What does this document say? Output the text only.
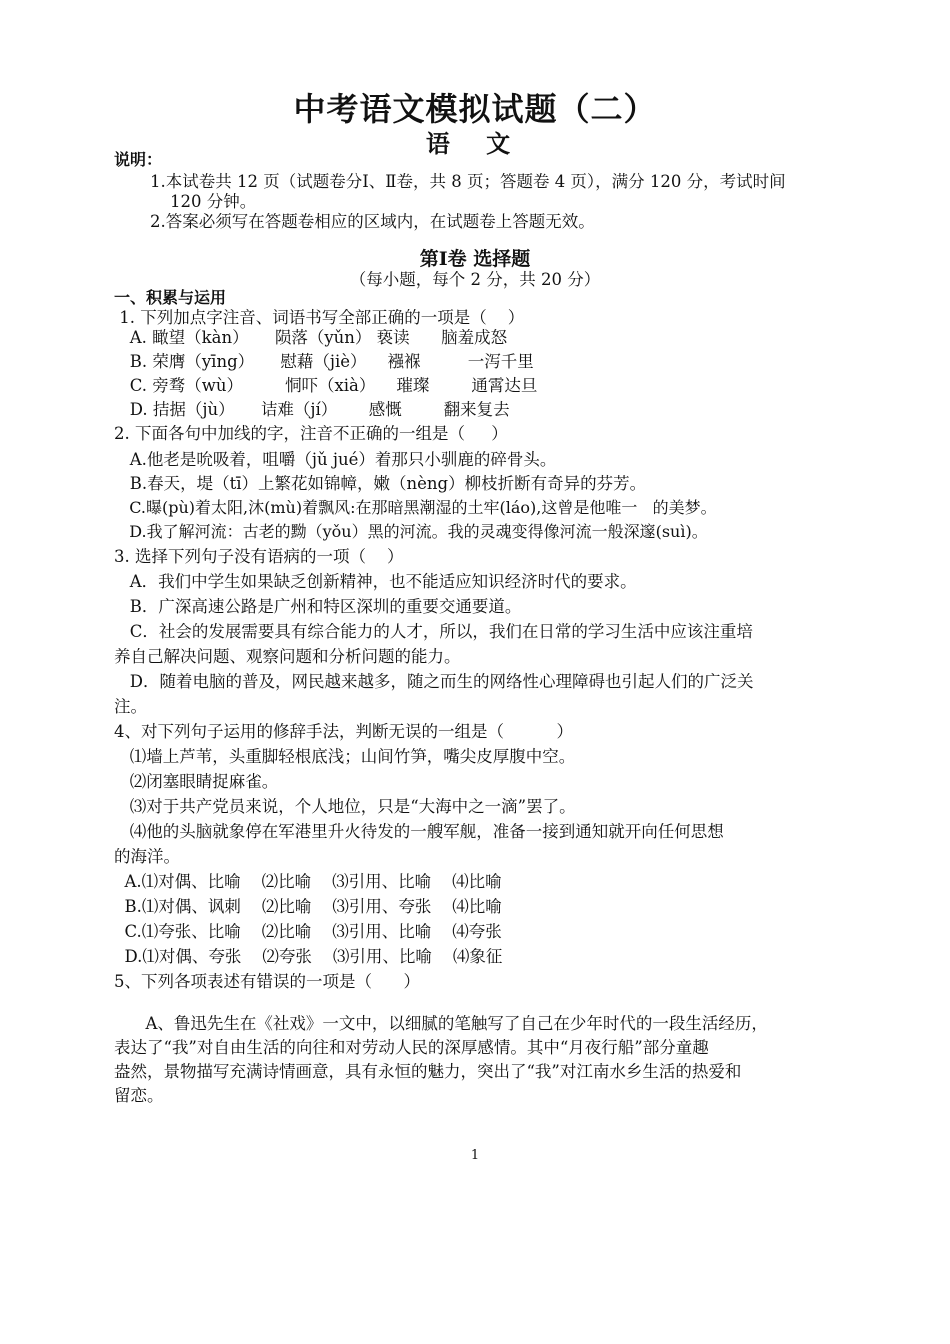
中考语文模拟试题（二）
语 文
说明：
1.本试卷共 12 页（试题卷分Ⅰ、Ⅱ卷，共 8 页；答题卷 4 页），满分 120 分，考试时间
120 分钟。
2.答案必须写在答题卷相应的区域内，在试题卷上答题无效。
第Ⅰ卷 选择题
（每小题，每个 2 分，共 20 分）
一、积累与运用
1. 下列加点字注音、词语书写全部正确的一项是（    ）
A. 瞰望（kàn）     陨落（yǔn） 亵读      脑羞成怒
B. 荣膺（yīng）     慰藉（jiè）    襁褓         一泻千里
C. 旁骛（wù）        恫吓（xià）    璀璨        通霄达旦
D. 拮据（jù）     诘难（jí）      感慨        翻来复去
2. 下面各句中加线的字，注音不正确的一组是（     ）
A.他老是吮吸着，咀嚼（jǔ jué）着那只小驯鹿的碎骨头。
B.春天，堤（tī）上繁花如锦幛，嫩（nèng）柳枝折断有奇异的芬芳。
C.曝(pù)着太阳,沐(mù)着飘风:在那暗黑潮湿的土牢(láo),这曾是他唯一   的美梦。
D.我了解河流：古老的黝（yǒu）黑的河流。我的灵魂变得像河流一般深邃(suì)。
3. 选择下列句子没有语病的一项（    ）
A．我们中学生如果缺乏创新精神，也不能适应知识经济时代的要求。
B．广深高速公路是广州和特区深圳的重要交通要道。
C．社会的发展需要具有综合能力的人才，所以，我们在日常的学习生活中应该注重培
养自己解决问题、观察问题和分析问题的能力。
D．随着电脑的普及，网民越来越多，随之而生的网络性心理障碍也引起人们的广泛关
注。
4、对下列句子运用的修辞手法，判断无误的一组是（          ）
⑴墙上芦苇，头重脚轻根底浅；山间竹笋，嘴尖皮厚腹中空。
⑵闭塞眼睛捉麻雀。
⑶对于共产党员来说，个人地位，只是“大海中之一滴”罢了。
⑷他的头脑就象停在军港里升火待发的一艘军舰，准备一接到通知就开向任何思想
的海洋。
A.⑴对偶、比喻    ⑵比喻    ⑶引用、比喻    ⑷比喻
B.⑴对偶、讽刺    ⑵比喻    ⑶引用、夸张    ⑷比喻
C.⑴夸张、比喻    ⑵比喻    ⑶引用、比喻    ⑷夸张
D.⑴对偶、夸张    ⑵夸张    ⑶引用、比喻    ⑷象征
5、下列各项表述有错误的一项是（      ）
A、鲁迅先生在《社戏》一文中，以细腻的笔触写了自己在少年时代的一段生活经历，
表达了“我”对自由生活的向往和对劳动人民的深厚感情。其中“月夜行船”部分童趣
盎然，景物描写充满诗情画意，具有永恒的魅力，突出了“我”对江南水乡生活的热爱和
留恋。
1
